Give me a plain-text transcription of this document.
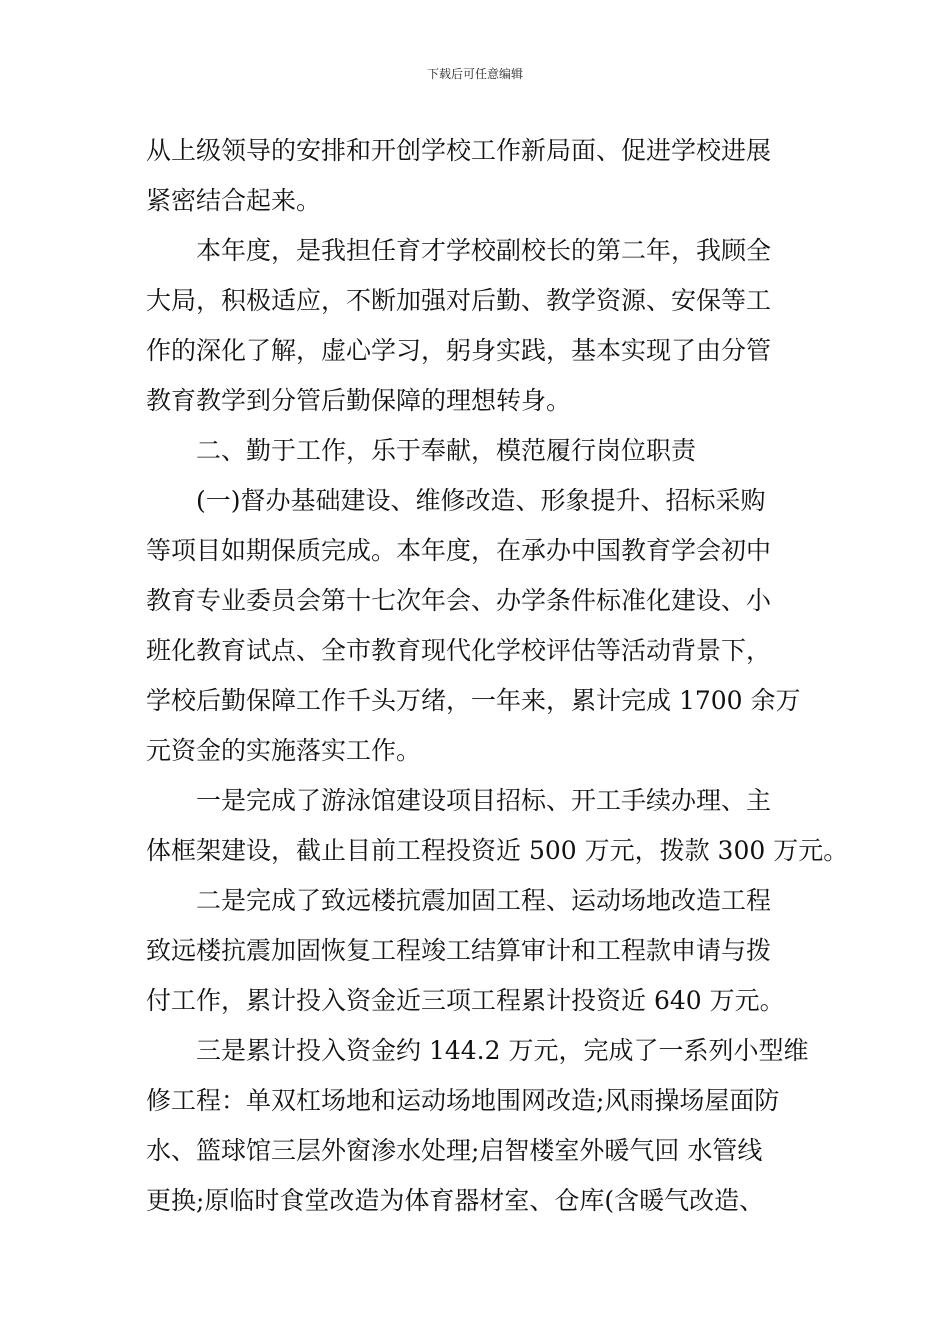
下载后可任意编辑
从上级领导的安排和开创学校工作新局面、促进学校进展
紧密结合起来。
本年度，是我担任育才学校副校长的第二年，我顾全
大局，积极适应，不断加强对后勤、教学资源、安保等工
作的深化了解，虚心学习，躬身实践，基本实现了由分管
教育教学到分管后勤保障的理想转身。
二、勤于工作，乐于奉献，模范履行岗位职责
(一)督办基础建设、维修改造、形象提升、招标采购
等项目如期保质完成。本年度，在承办中国教育学会初中
教育专业委员会第十七次年会、办学条件标准化建设、小
班化教育试点、全市教育现代化学校评估等活动背景下，
学校后勤保障工作千头万绪，一年来，累计完成 1700 余万
元资金的实施落实工作。
一是完成了游泳馆建设项目招标、开工手续办理、主
体框架建设，截止目前工程投资近 500 万元，拨款 300 万元。
二是完成了致远楼抗震加固工程、运动场地改造工程
致远楼抗震加固恢复工程竣工结算审计和工程款申请与拨
付工作，累计投入资金近三项工程累计投资近 640 万元。
三是累计投入资金约 144.2 万元，完成了一系列小型维
修工程：单双杠场地和运动场地围网改造;风雨操场屋面防
水、篮球馆三层外窗渗水处理;启智楼室外暖气回 水管线
更换;原临时食堂改造为体育器材室、仓库(含暖气改造、
